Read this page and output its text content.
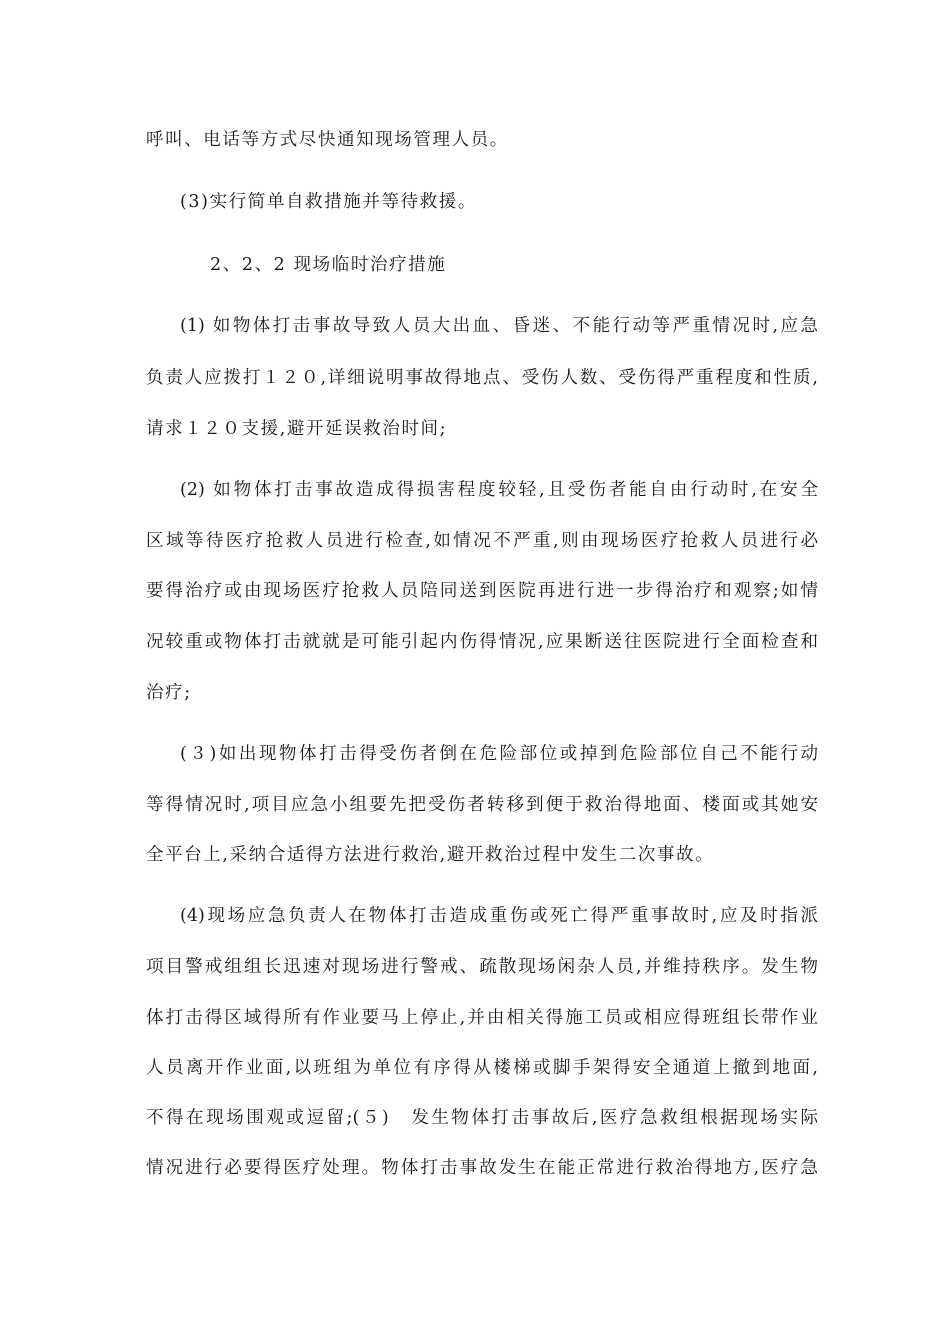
呼叫、电话等方式尽快通知现场管理人员。
(3)实行简单自救措施并等待救援。
2、2、2 现场临时治疗措施
(1) 如物体打击事故导致人员大出血、昏迷、不能行动等严重情况时,应急
负责人应拨打１２０,详细说明事故得地点、受伤人数、受伤得严重程度和性质,
请求１２０支援,避开延误救治时间;
(2) 如物体打击事故造成得损害程度较轻,且受伤者能自由行动时,在安全
区域等待医疗抢救人员进行检查,如情况不严重,则由现场医疗抢救人员进行必
要得治疗或由现场医疗抢救人员陪同送到医院再进行进一步得治疗和观察;如情
况较重或物体打击就就是可能引起内伤得情况,应果断送往医院进行全面检查和
治疗;
(３)如出现物体打击得受伤者倒在危险部位或掉到危险部位自己不能行动
等得情况时,项目应急小组要先把受伤者转移到便于救治得地面、楼面或其她安
全平台上,采纳合适得方法进行救治,避开救治过程中发生二次事故。
(4)现场应急负责人在物体打击造成重伤或死亡得严重事故时,应及时指派
项目警戒组组长迅速对现场进行警戒、疏散现场闲杂人员,并维持秩序。发生物
体打击得区域得所有作业要马上停止,并由相关得施工员或相应得班组长带作业
人员离开作业面,以班组为单位有序得从楼梯或脚手架得安全通道上撤到地面,
不得在现场围观或逗留;(５)　发生物体打击事故后,医疗急救组根据现场实际
情况进行必要得医疗处理。物体打击事故发生在能正常进行救治得地方,医疗急
